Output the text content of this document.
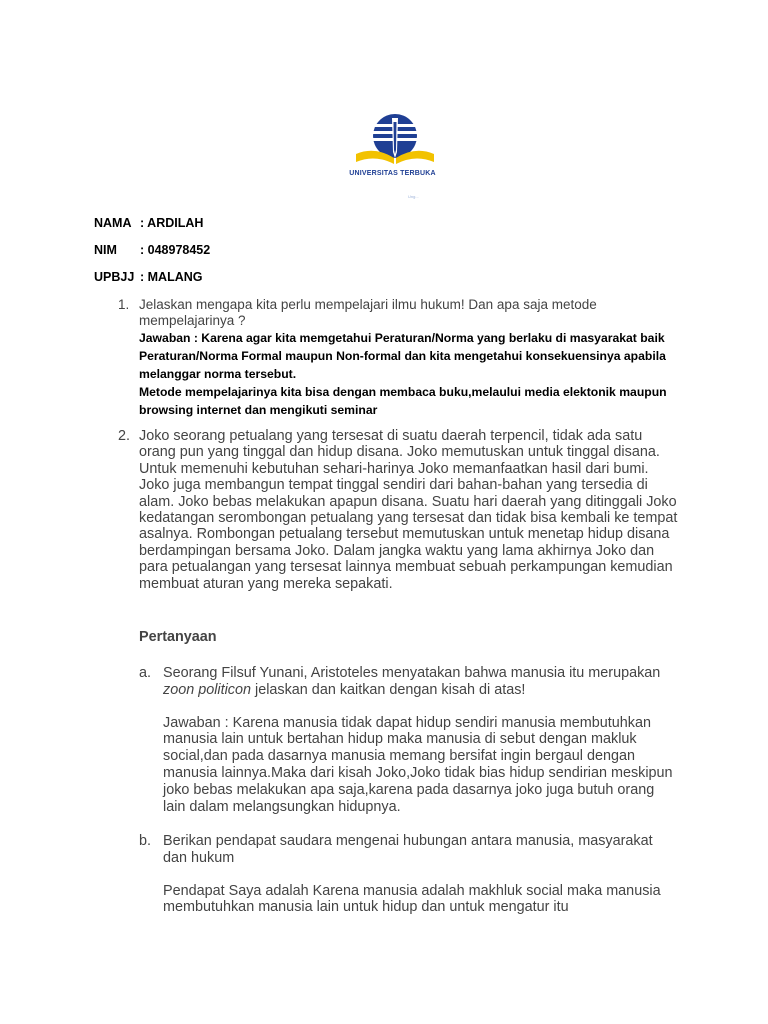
UNIVERSITAS TERBUKA
Ung...
NAMA : ARDILAH
NIM : 048978452
UPBJJ : MALANG
1. Jelaskan mengapa kita perlu mempelajari ilmu hukum! Dan apa saja metode mempelajarinya ?
Jawaban : Karena agar kita memgetahui Peraturan/Norma yang berlaku di masyarakat baik Peraturan/Norma Formal maupun Non-formal dan kita mengetahui konsekuensinya apabila melanggar norma tersebut.
Metode mempelajarinya kita bisa dengan membaca buku,melaului media elektonik maupun browsing internet dan mengikuti seminar
2. Joko seorang petualang yang tersesat di suatu daerah terpencil, tidak ada satu orang pun yang tinggal dan hidup disana. Joko memutuskan untuk tinggal disana. Untuk memenuhi kebutuhan sehari-harinya Joko memanfaatkan hasil dari bumi. Joko juga membangun tempat tinggal sendiri dari bahan-bahan yang tersedia di alam. Joko bebas melakukan apapun disana. Suatu hari daerah yang ditinggali Joko kedatangan serombongan petualang yang tersesat dan tidak bisa kembali ke tempat asalnya. Rombongan petualang tersebut memutuskan untuk menetap hidup disana berdampingan bersama Joko. Dalam jangka waktu yang lama akhirnya Joko dan para petualangan yang tersesat lainnya membuat sebuah perkampungan kemudian membuat aturan yang mereka sepakati.
Pertanyaan
a. Seorang Filsuf Yunani, Aristoteles menyatakan bahwa manusia itu merupakan zoon politicon jelaskan dan kaitkan dengan kisah di atas!
Jawaban : Karena manusia tidak dapat hidup sendiri manusia membutuhkan manusia lain untuk bertahan hidup maka manusia di sebut dengan makluk social,dan pada dasarnya manusia memang bersifat ingin bergaul dengan manusia lainnya.Maka dari kisah Joko,Joko tidak bias hidup sendirian meskipun joko bebas melakukan apa saja,karena pada dasarnya joko juga butuh orang lain dalam melangsungkan hidupnya.
b. Berikan pendapat saudara mengenai hubungan antara manusia, masyarakat dan hukum
Pendapat Saya adalah Karena manusia adalah makhluk social maka manusia membutuhkan manusia lain untuk hidup dan untuk mengatur itu
